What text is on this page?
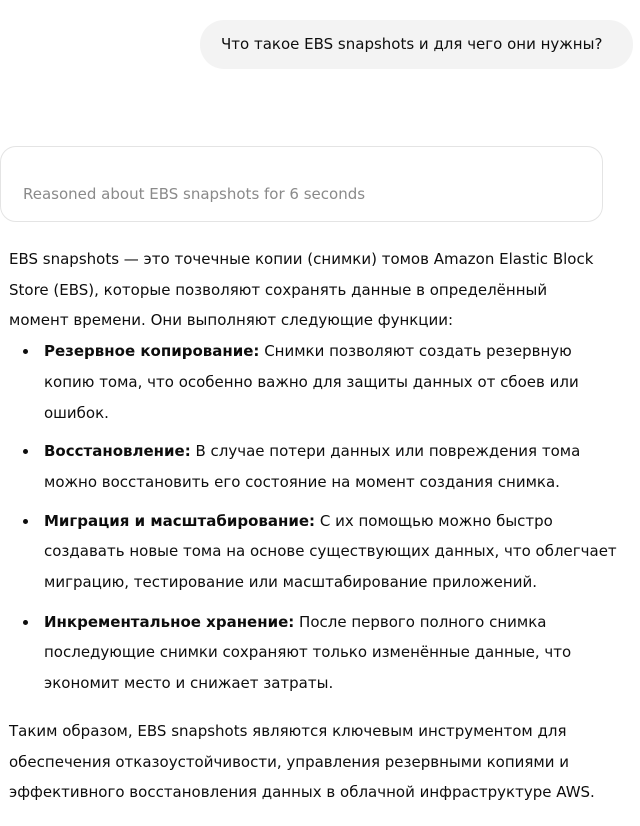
Что такое EBS snapshots и для чего они нужны?
Reasoned about EBS snapshots for 6 seconds

EBS snapshots — это точечные копии (снимки) томов Amazon Elastic Block
Store (EBS), которые позволяют сохранять данные в определённый
момент времени. Они выполняют следующие функции:

Резервное копирование: Снимки позволяют создать резервную
копию тома, что особенно важно для защиты данных от сбоев или
ошибок.
Восстановление: В случае потери данных или повреждения тома
можно восстановить его состояние на момент создания снимка.
Миграция и масштабирование: С их помощью можно быстро
создавать новые тома на основе существующих данных, что облегчает
миграцию, тестирование или масштабирование приложений.
Инкрементальное хранение: После первого полного снимка
последующие снимки сохраняют только изменённые данные, что
экономит место и снижает затраты.

Таким образом, EBS snapshots являются ключевым инструментом для
обеспечения отказоустойчивости, управления резервными копиями и
эффективного восстановления данных в облачной инфраструктуре AWS.
